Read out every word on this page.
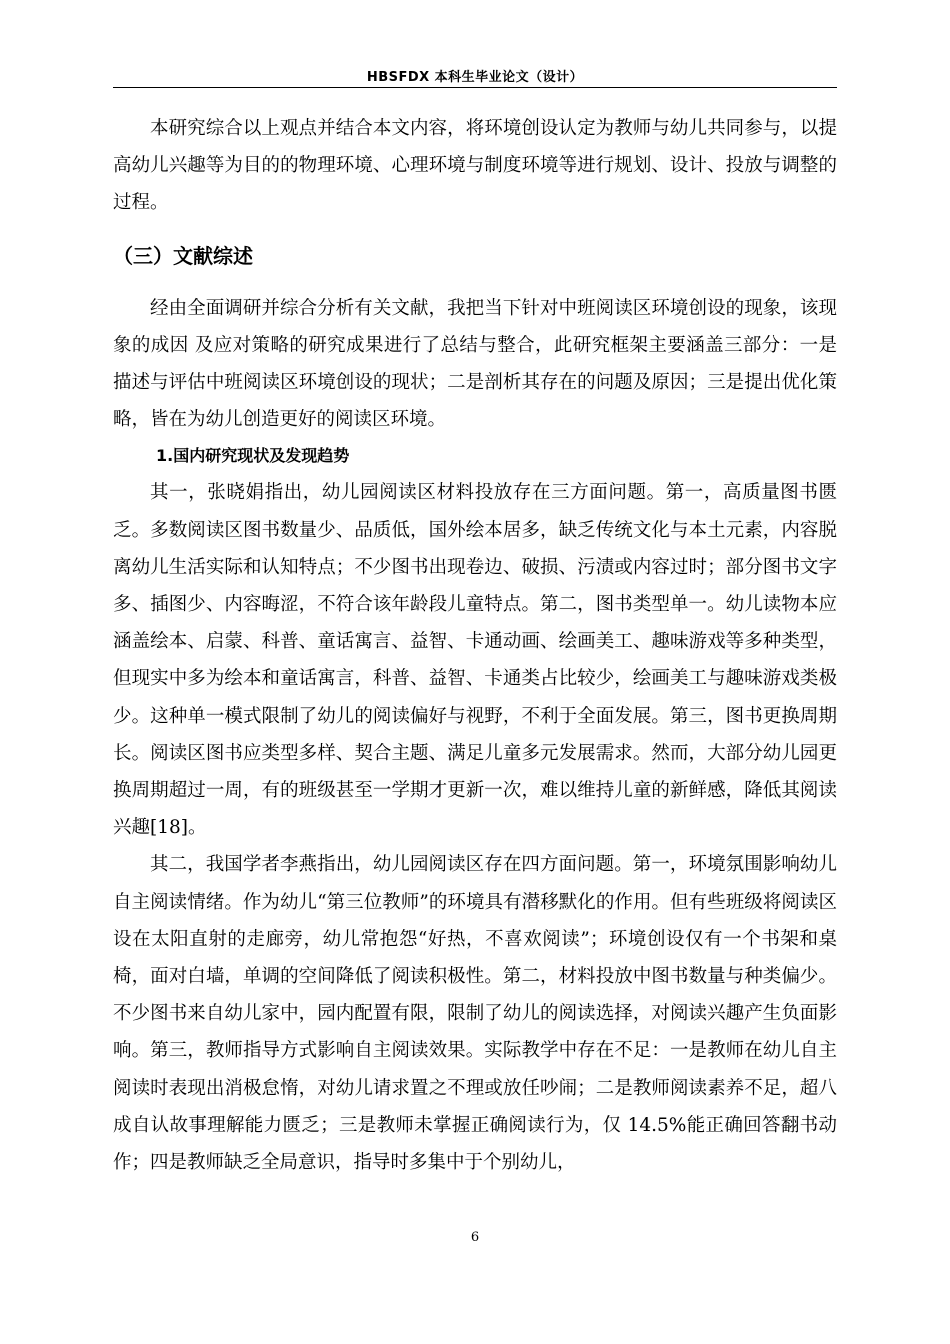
HBSFDX 本科生毕业论文（设计）

本研究综合以上观点并结合本文内容，将环境创设认定为教师与幼儿共同参与，以提高幼儿兴趣等为目的的物理环境、心理环境与制度环境等进行规划、设计、投放与调整的过程。

（三）文献综述

经由全面调研并综合分析有关文献，我把当下针对中班阅读区环境创设的现象，该现象的成因 及应对策略的研究成果进行了总结与整合，此研究框架主要涵盖三部分：一是描述与评估中班阅读区环境创设的现状；二是剖析其存在的问题及原因；三是提出优化策略，皆在为幼儿创造更好的阅读区环境。

1.国内研究现状及发现趋势

其一，张晓娟指出，幼儿园阅读区材料投放存在三方面问题。第一，高质量图书匮乏。多数阅读区图书数量少、品质低，国外绘本居多，缺乏传统文化与本土元素，内容脱离幼儿生活实际和认知特点；不少图书出现卷边、破损、污渍或内容过时；部分图书文字多、插图少、内容晦涩，不符合该年龄段儿童特点。第二，图书类型单一。幼儿读物本应涵盖绘本、启蒙、科普、童话寓言、益智、卡通动画、绘画美工、趣味游戏等多种类型，但现实中多为绘本和童话寓言，科普、益智、卡通类占比较少，绘画美工与趣味游戏类极少。这种单一模式限制了幼儿的阅读偏好与视野，不利于全面发展。第三，图书更换周期长。阅读区图书应类型多样、契合主题、满足儿童多元发展需求。然而，大部分幼儿园更换周期超过一周，有的班级甚至一学期才更新一次，难以维持儿童的新鲜感，降低其阅读兴趣[18]。

其二，我国学者李燕指出，幼儿园阅读区存在四方面问题。第一，环境氛围影响幼儿自主阅读情绪。作为幼儿“第三位教师”的环境具有潜移默化的作用。但有些班级将阅读区设在太阳直射的走廊旁，幼儿常抱怨“好热，不喜欢阅读”；环境创设仅有一个书架和桌椅，面对白墙，单调的空间降低了阅读积极性。第二，材料投放中图书数量与种类偏少。不少图书来自幼儿家中，园内配置有限，限制了幼儿的阅读选择，对阅读兴趣产生负面影响。第三，教师指导方式影响自主阅读效果。实际教学中存在不足：一是教师在幼儿自主阅读时表现出消极怠惰，对幼儿请求置之不理或放任吵闹；二是教师阅读素养不足，超八成自认故事理解能力匮乏；三是教师未掌握正确阅读行为，仅 14.5%能正确回答翻书动作；四是教师缺乏全局意识，指导时多集中于个别幼儿，

6
